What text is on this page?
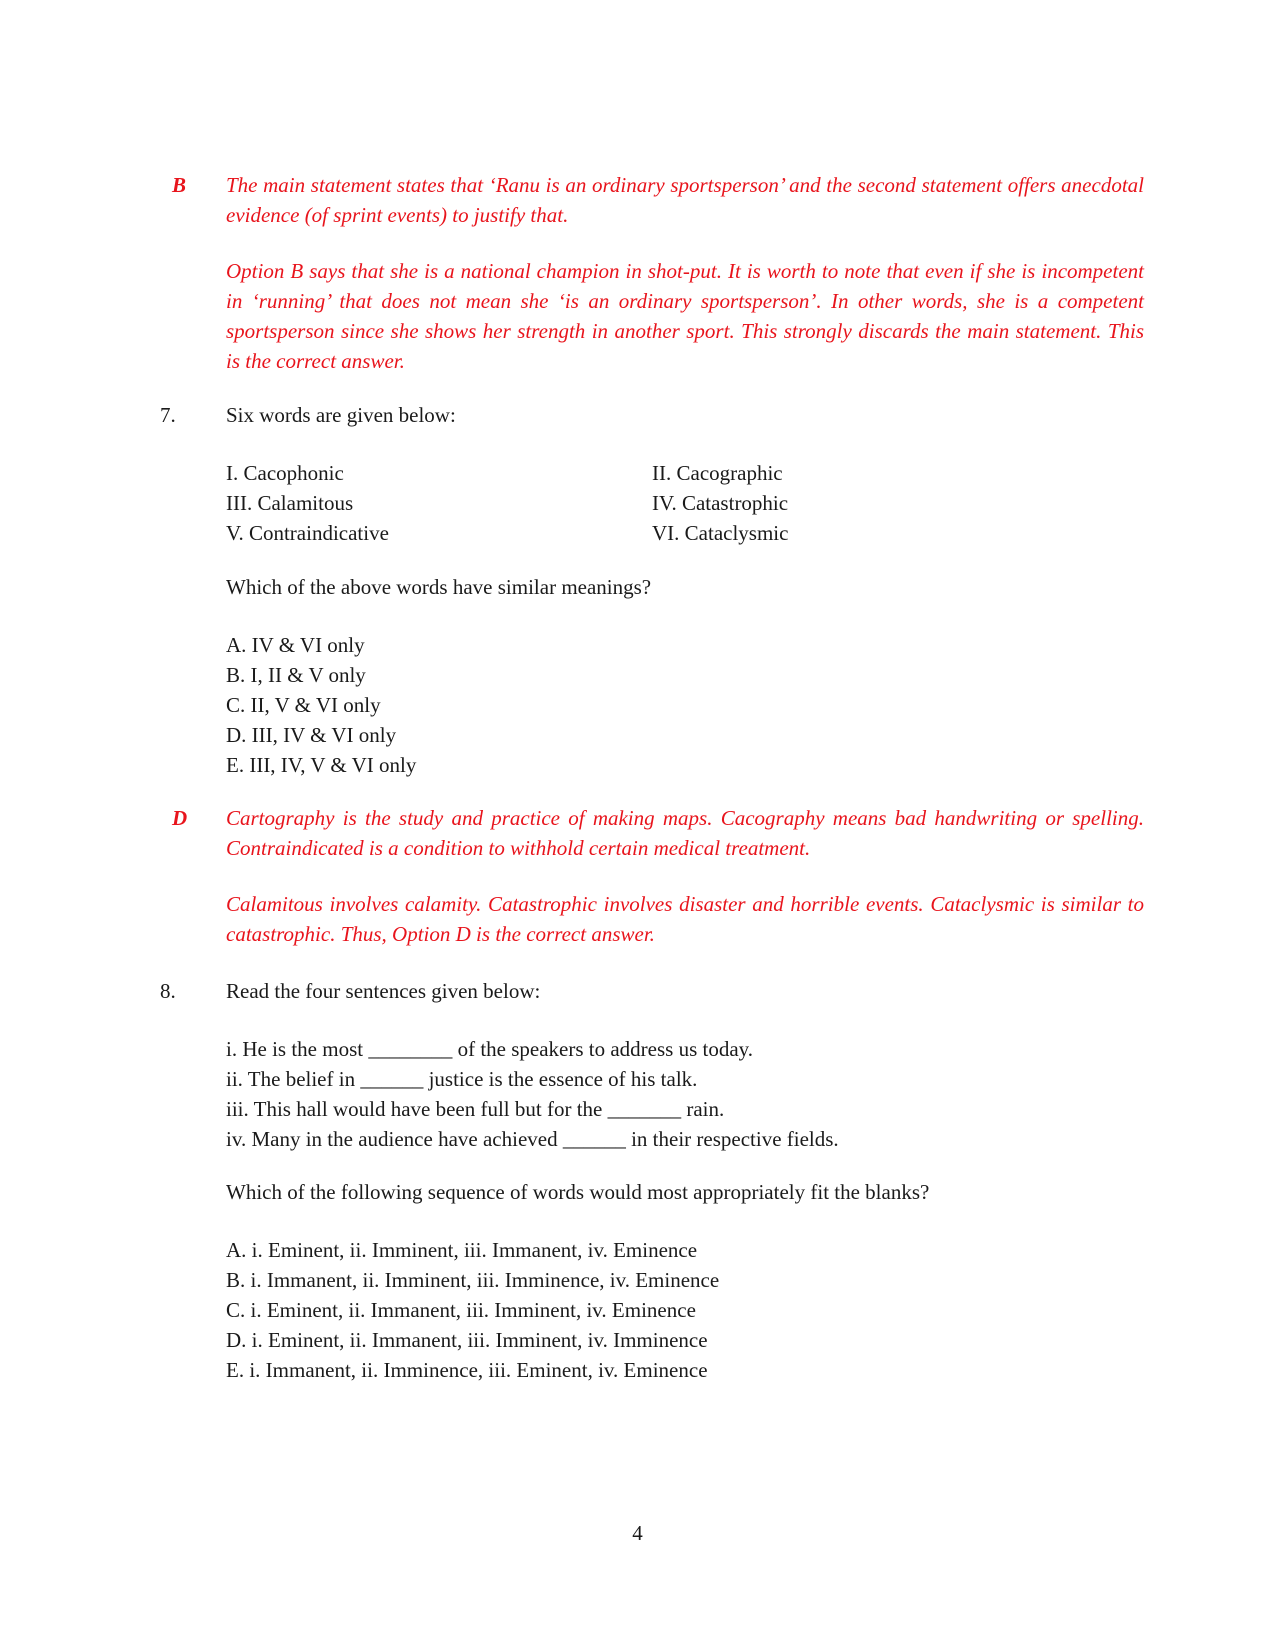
B	The main statement states that ‘Ranu is an ordinary sportsperson’ and the second statement offers anecdotal evidence (of sprint events) to justify that.

Option B says that she is a national champion in shot-put. It is worth to note that even if she is incompetent in ‘running’ that does not mean she ‘is an ordinary sportsperson’. In other words, she is a competent sportsperson since she shows her strength in another sport. This strongly discards the main statement. This is the correct answer.

7. Six words are given below:

I. Cacophonic	II. Cacographic
III. Calamitous	IV. Catastrophic
V. Contraindicative	VI. Cataclysmic

Which of the above words have similar meanings?

A. IV & VI only

B. I, II & V only

C. II, V & VI only

D. III, IV & VI only

E. III, IV, V & VI only

D	Cartography is the study and practice of making maps. Cacography means bad handwriting or spelling. Contraindicated is a condition to withhold certain medical treatment.

Calamitous involves calamity. Catastrophic involves disaster and horrible events. Cataclysmic is similar to catastrophic. Thus, Option D is the correct answer.

8. Read the four sentences given below:

i. He is the most ________ of the speakers to address us today.

ii. The belief in ______ justice is the essence of his talk.

iii. This hall would have been full but for the _______ rain.

iv. Many in the audience have achieved ______ in their respective fields.

Which of the following sequence of words would most appropriately fit the blanks?

A. i. Eminent, ii. Imminent, iii. Immanent, iv. Eminence

B. i. Immanent, ii. Imminent, iii. Imminence, iv. Eminence

C. i. Eminent, ii. Immanent, iii. Imminent, iv. Eminence

D. i. Eminent, ii. Immanent, iii. Imminent, iv. Imminence

E. i. Immanent, ii. Imminence, iii. Eminent, iv. Eminence

4
